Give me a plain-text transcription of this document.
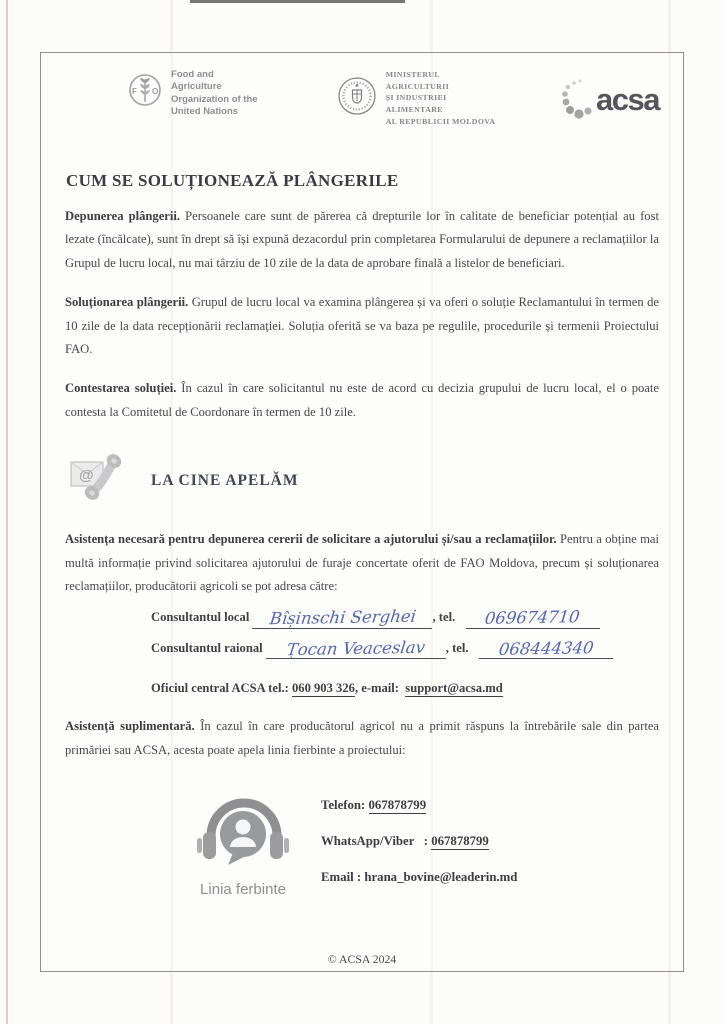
F O
Food and Agriculture
Organization of the
United Nations
MINISTERUL AGRICULTURII
ȘI INDUSTRIEI ALIMENTARE
AL REPUBLICII MOLDOVA
acsa
CUM SE SOLUȚIONEAZĂ PLÂNGERILE

Depunerea plângerii. Persoanele care sunt de părerea că drepturile lor în calitate de beneficiar potențial au fost lezate (încălcate), sunt în drept să își expună dezacordul prin completarea Formularului de depunere a reclamațiilor la Grupul de lucru local, nu mai târziu de 10 zile de la data de aprobare finală a listelor de beneficiari.

Soluționarea plângerii. Grupul de lucru local va examina plângerea și va oferi o soluție Reclamantului în termen de 10 zile de la data recepționării reclamației. Soluția oferită se va baza pe regulile, procedurile și termenii Proiectului FAO.

Contestarea soluției. În cazul în care solicitantul nu este de acord cu decizia grupului de lucru local, el o poate contesta la Comitetul de Coordonare în termen de 10 zile.

@	LA CINE APELĂM

Asistența necesară pentru depunerea cererii de solicitare a ajutorului și/sau a reclamațiilor. Pentru a obține mai multă informație privind solicitarea ajutorului de furaje concertate oferit de FAO Moldova, precum și soluționarea reclamațiilor, producătorii agricoli se pot adresa către:

Consultantul local Bîșinschi Serghei , tel.  069674710
Consultantul raional Țocan Veaceslav , tel.  068444340
Oficiul central ACSA tel.: 060 903 326, e-mail:  support@acsa.md

Asistență suplimentară. În cazul în care producătorul agricol nu a primit răspuns la întrebările sale din partea primăriei sau ACSA, acesta poate apela linia fierbinte a proiectului:

Linia ferbinte
Telefon: 067878799
WhatsApp/Viber   : 067878799
Email : hrana_bovine@leaderin.md
© ACSA 2024
